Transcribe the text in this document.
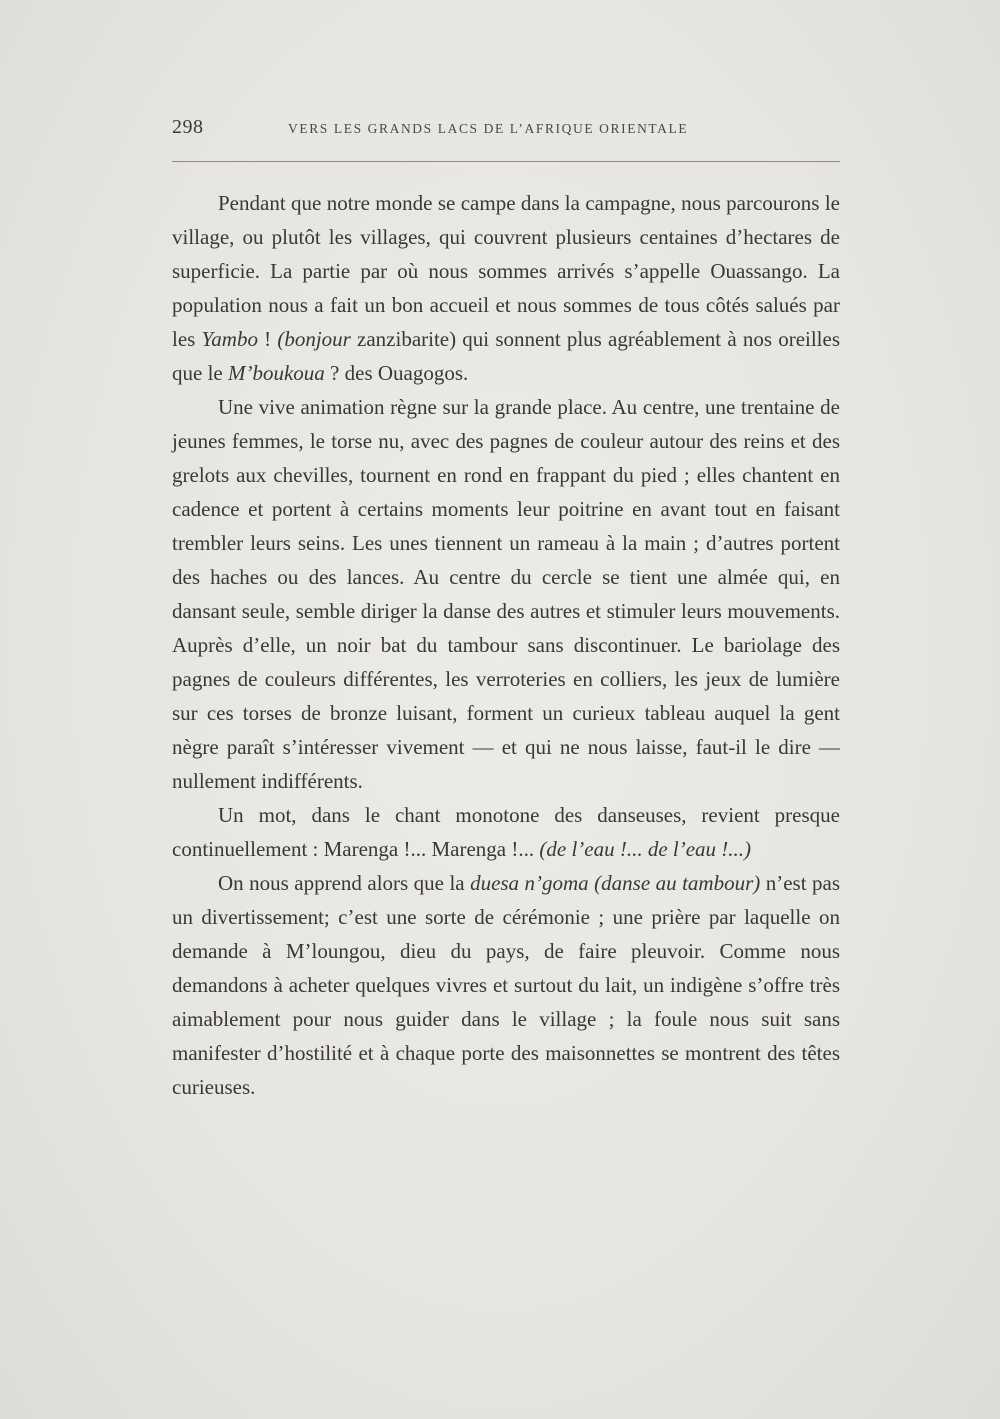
298	VERS LES GRANDS LACS DE L’AFRIQUE ORIENTALE

Pendant que notre monde se campe dans la campagne, nous parcourons le village, ou plutôt les villages, qui couvrent plusieurs centaines d’hectares de superficie. La partie par où nous sommes arrivés s’appelle Ouassango. La population nous a fait un bon accueil et nous sommes de tous côtés salués par les Yambo ! (bonjour zanzibarite) qui sonnent plus agréablement à nos oreilles que le M’boukoua ? des Ouagogos.

Une vive animation règne sur la grande place. Au centre, une trentaine de jeunes femmes, le torse nu, avec des pagnes de couleur autour des reins et des grelots aux chevilles, tournent en rond en frappant du pied ; elles chantent en cadence et portent à certains moments leur poitrine en avant tout en faisant trembler leurs seins. Les unes tiennent un rameau à la main ; d’autres portent des haches ou des lances. Au centre du cercle se tient une almée qui, en dansant seule, semble diriger la danse des autres et stimuler leurs mouvements. Auprès d’elle, un noir bat du tambour sans discontinuer. Le bariolage des pagnes de couleurs différentes, les verroteries en colliers, les jeux de lumière sur ces torses de bronze luisant, forment un curieux tableau auquel la gent nègre paraît s’intéresser vivement — et qui ne nous laisse, faut-il le dire — nullement indifférents.

Un mot, dans le chant monotone des danseuses, revient presque continuellement : Marenga !... Marenga !... (de l’eau !... de l’eau !...)

On nous apprend alors que la duesa n’goma (danse au tambour) n’est pas un divertissement; c’est une sorte de cérémonie ; une prière par laquelle on demande à M’loungou, dieu du pays, de faire pleuvoir. Comme nous demandons à acheter quelques vivres et surtout du lait, un indigène s’offre très aimablement pour nous guider dans le village ; la foule nous suit sans manifester d’hostilité et à chaque porte des maisonnettes se montrent des têtes curieuses.
